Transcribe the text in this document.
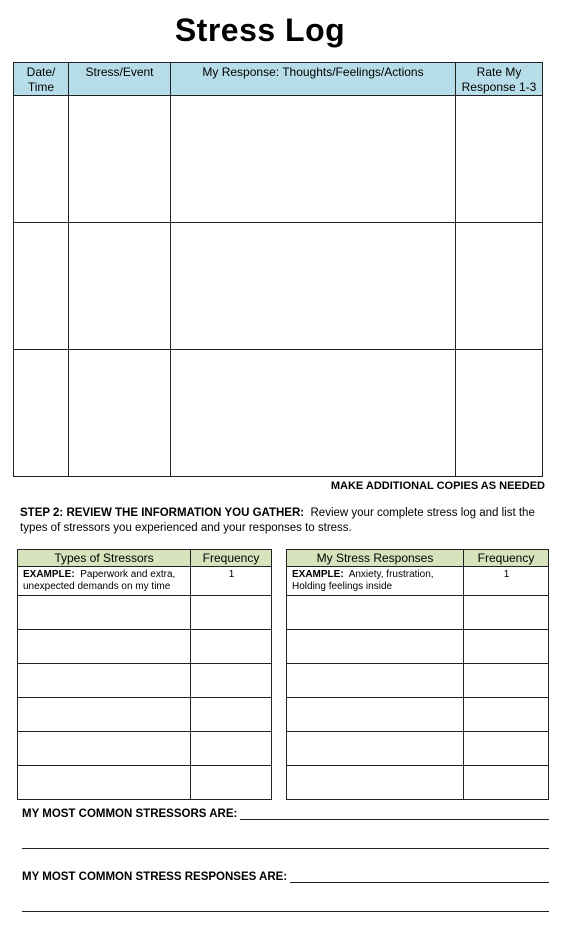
Stress Log
Date/ Time	Stress/Event	My Response: Thoughts/Feelings/Actions	Rate My Response 1-3

MAKE ADDITIONAL COPIES AS NEEDED
STEP 2: REVIEW THE INFORMATION YOU GATHER: Review your complete stress log and list the types of stressors you experienced and your responses to stress.
Types of Stressors	Frequency
EXAMPLE: Paperwork and extra, unexpected demands on my time	1

My Stress Responses	Frequency
EXAMPLE: Anxiety, frustration, Holding feelings inside	1

MY MOST COMMON STRESSORS ARE:
MY MOST COMMON STRESS RESPONSES ARE:
